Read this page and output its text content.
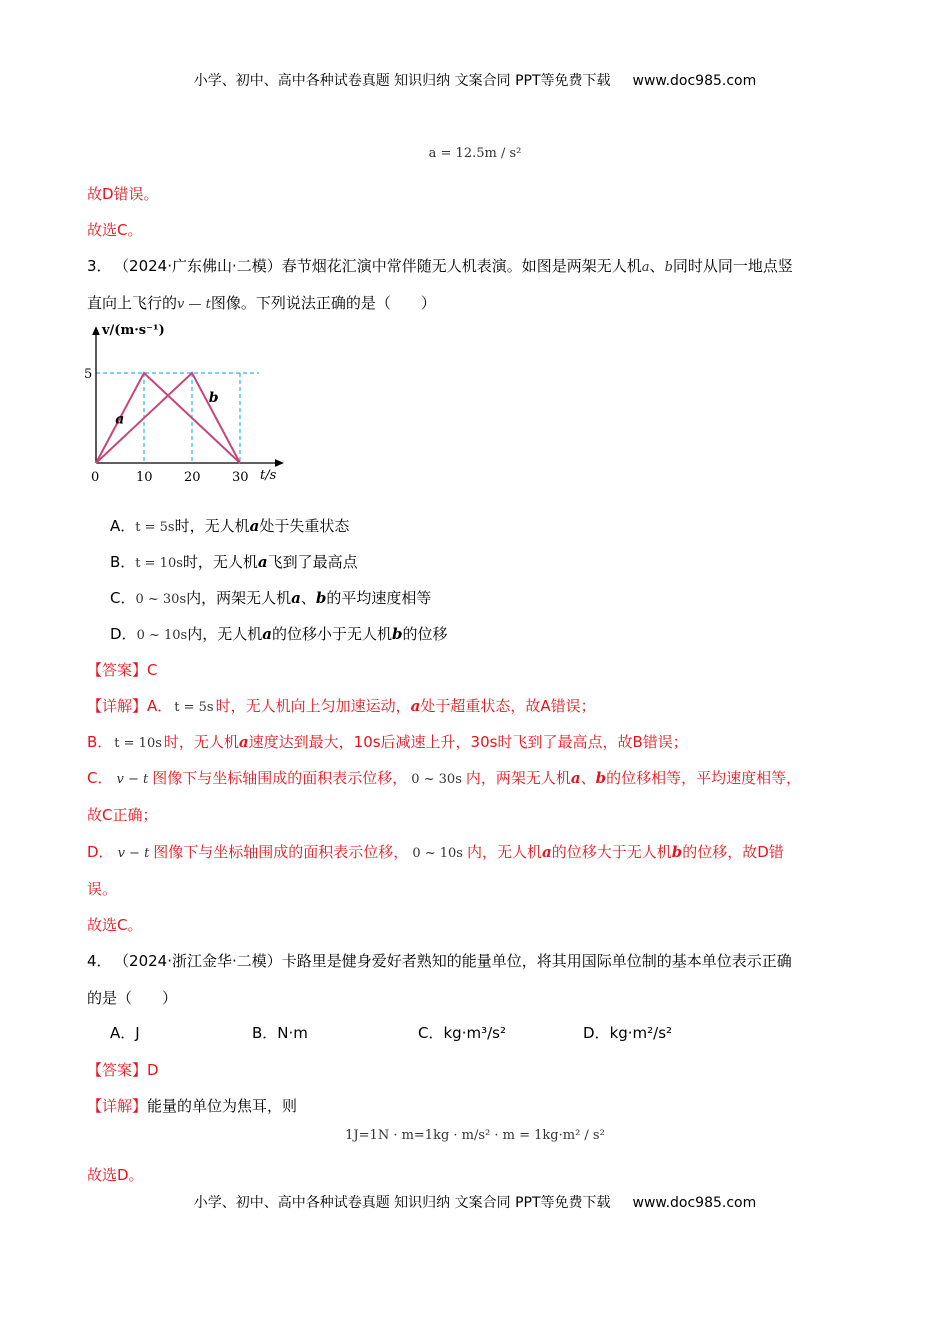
小学、初中、高中各种试卷真题 知识归纳 文案合同 PPT等免费下载 www.doc985.com
a = 12.5m / s²
故D错误。
故选C。
3． （2024·广东佛山·二模）春节烟花汇演中常伴随无人机表演。如图是两架无人机a、b同时从同一地点竖
直向上飞行的v — t图像。下列说法正确的是（　　）
v/(m·s⁻¹)
t/s
0	10 20 30
5
a
b
A．t = 5s时，无人机a处于失重状态
B．t = 10s时，无人机a飞到了最高点
C．0 ~ 30s内，两架无人机a、b的平均速度相等
D．0 ~ 10s内，无人机a的位移小于无人机b的位移
【答案】C
【详解】A． t = 5s 时，无人机向上匀加速运动，a处于超重状态，故A错误；
B． t = 10s 时，无人机a速度达到最大，10s后减速上升，30s时飞到了最高点，故B错误；
C． v − t 图像下与坐标轴围成的面积表示位移， 0 ~ 30s 内，两架无人机a、b的位移相等，平均速度相等，
故C正确；
D． v − t 图像下与坐标轴围成的面积表示位移， 0 ~ 10s 内，无人机a的位移大于无人机b的位移，故D错
误。
故选C。
4． （2024·浙江金华·二模）卡路里是健身爱好者熟知的能量单位，将其用国际单位制的基本单位表示正确
的是（　　）
A．J	B．N·m	C．kg·m³/s²	D．kg·m²/s²
【答案】D
【详解】能量的单位为焦耳，则
1J=1N · m=1kg · m/s² · m = 1kg·m² / s²
故选D。
小学、初中、高中各种试卷真题 知识归纳 文案合同 PPT等免费下载 www.doc985.com
